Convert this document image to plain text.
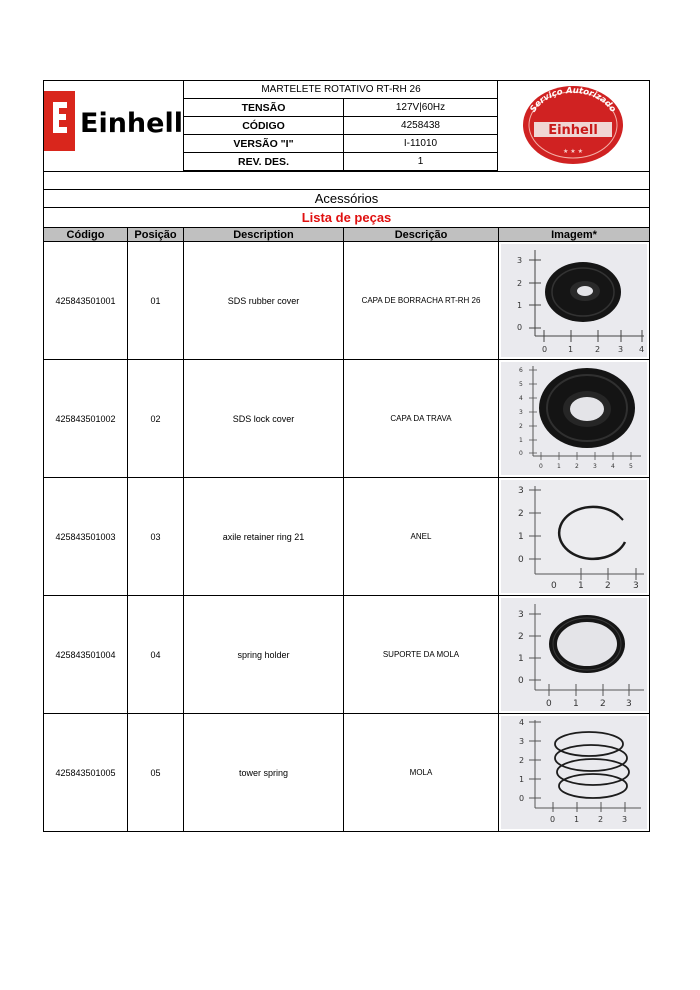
Einhell
MARTELETE ROTATIVO RT-RH 26
TENSÃO	127V|60Hz
CÓDIGO	4258438
VERSÃO "I"	I-11010
REV. DES.	1
Serviço Autorizado
Einhell
★ ★ ★
Acessórios
Lista de peças
Código	Posição	Description	Descrição	Imagem*
425843501001	01	SDS rubber cover	CAPA DE BORRACHA RT-RH 26
3
2
1
0
0	1	2 3 4
425843501002	02	SDS lock cover	CAPA DA TRAVA
6
5
4
3
2
1
0
0 1 2 3 4 5
425843501003	03	axile retainer ring 21	ANEL
3
2
1
0
0 1 2 3
425843501004	04	spring holder	SUPORTE DA MOLA
3
2
1
0
0 1 2 3
425843501005	05	tower spring	MOLA
4
3
2
1
0
0 1 2 3
